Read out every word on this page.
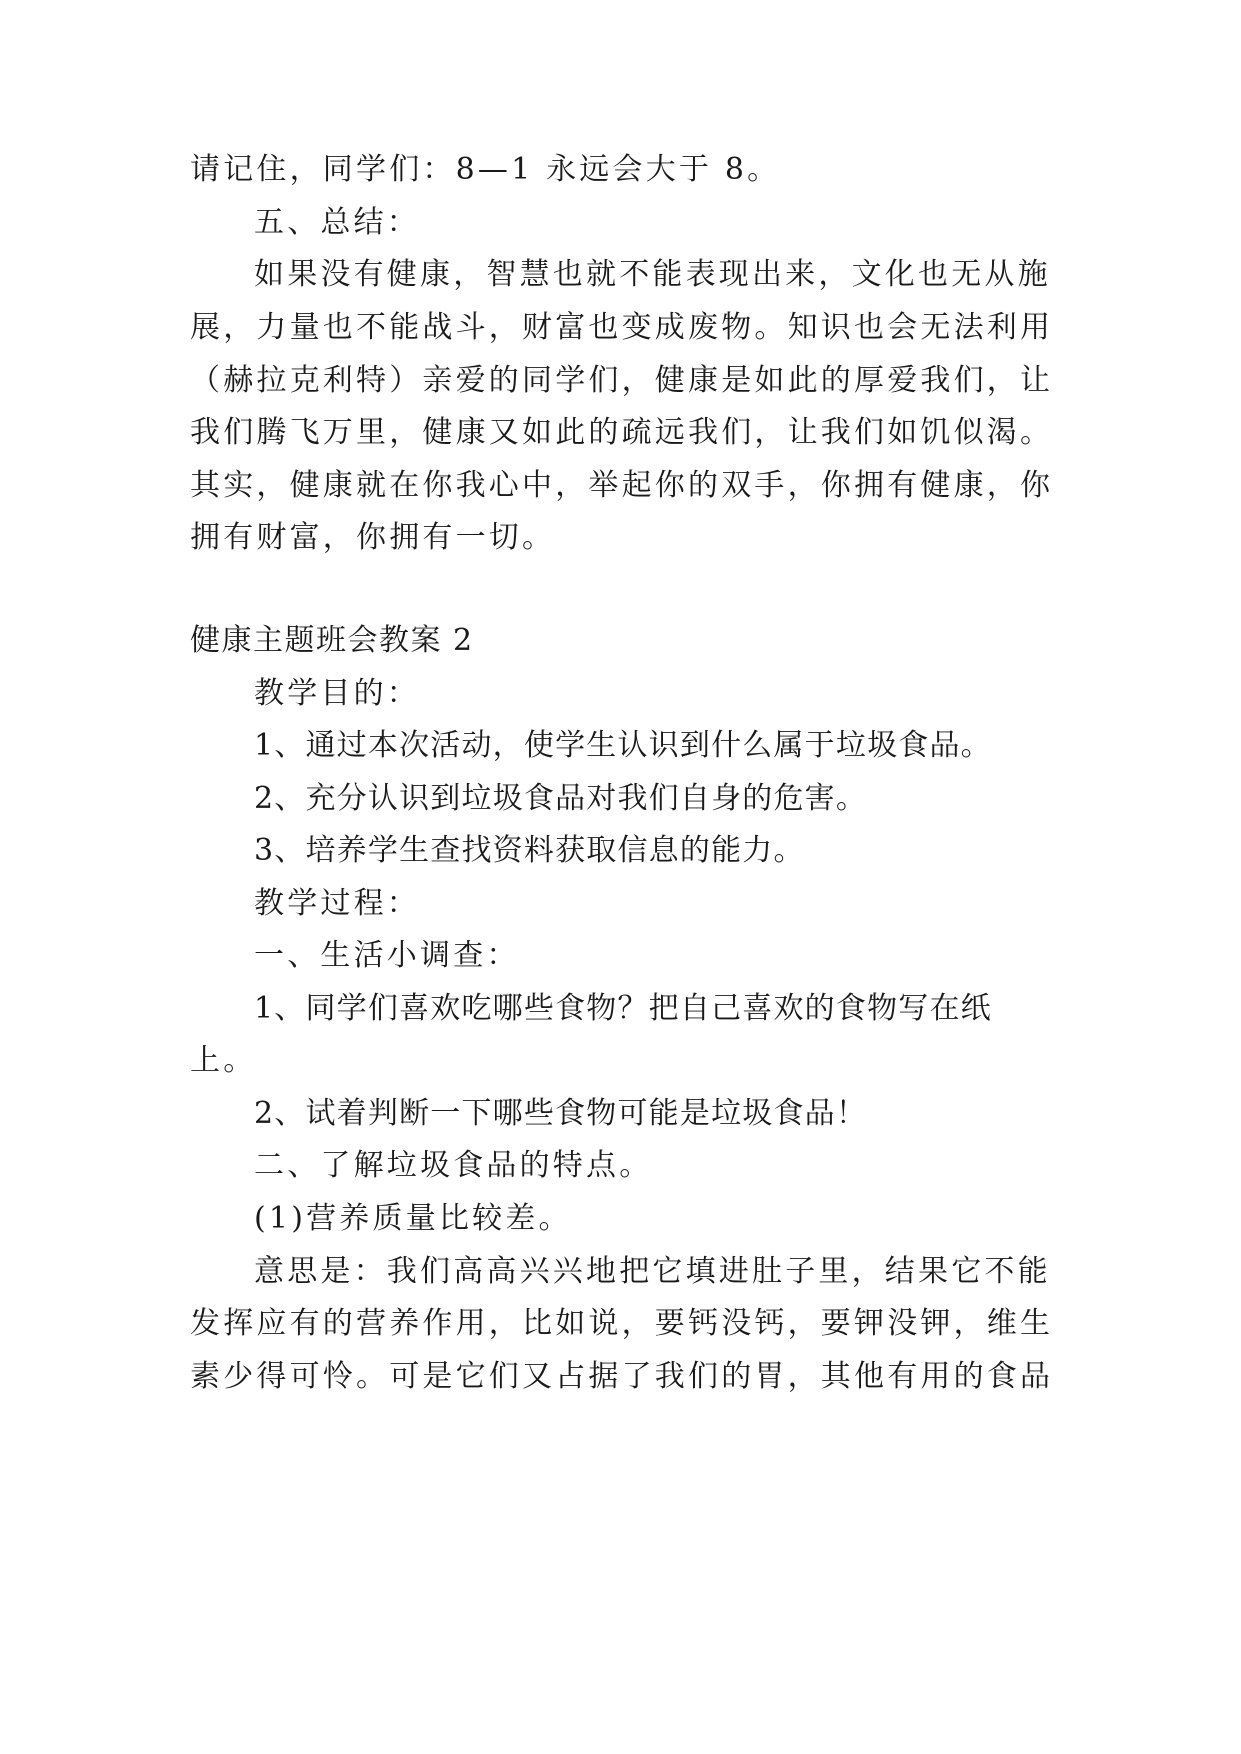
请记住，同学们：8—1 永远会大于 8。
五、总结：
如果没有健康，智慧也就不能表现出来，文化也无从施
展，力量也不能战斗，财富也变成废物。知识也会无法利用
（赫拉克利特）亲爱的同学们，健康是如此的厚爱我们，让
我们腾飞万里，健康又如此的疏远我们，让我们如饥似渴。
其实，健康就在你我心中，举起你的双手，你拥有健康，你
拥有财富，你拥有一切。
健康主题班会教案 2
教学目的：
1、通过本次活动，使学生认识到什么属于垃圾食品。
2、充分认识到垃圾食品对我们自身的危害。
3、培养学生查找资料获取信息的能力。
教学过程：
一、生活小调查：
1、同学们喜欢吃哪些食物？把自己喜欢的食物写在纸
上。
2、试着判断一下哪些食物可能是垃圾食品！
二、了解垃圾食品的特点。
(1)营养质量比较差。
意思是：我们高高兴兴地把它填进肚子里，结果它不能
发挥应有的营养作用，比如说，要钙没钙，要钾没钾，维生
素少得可怜。可是它们又占据了我们的胃，其他有用的食品
